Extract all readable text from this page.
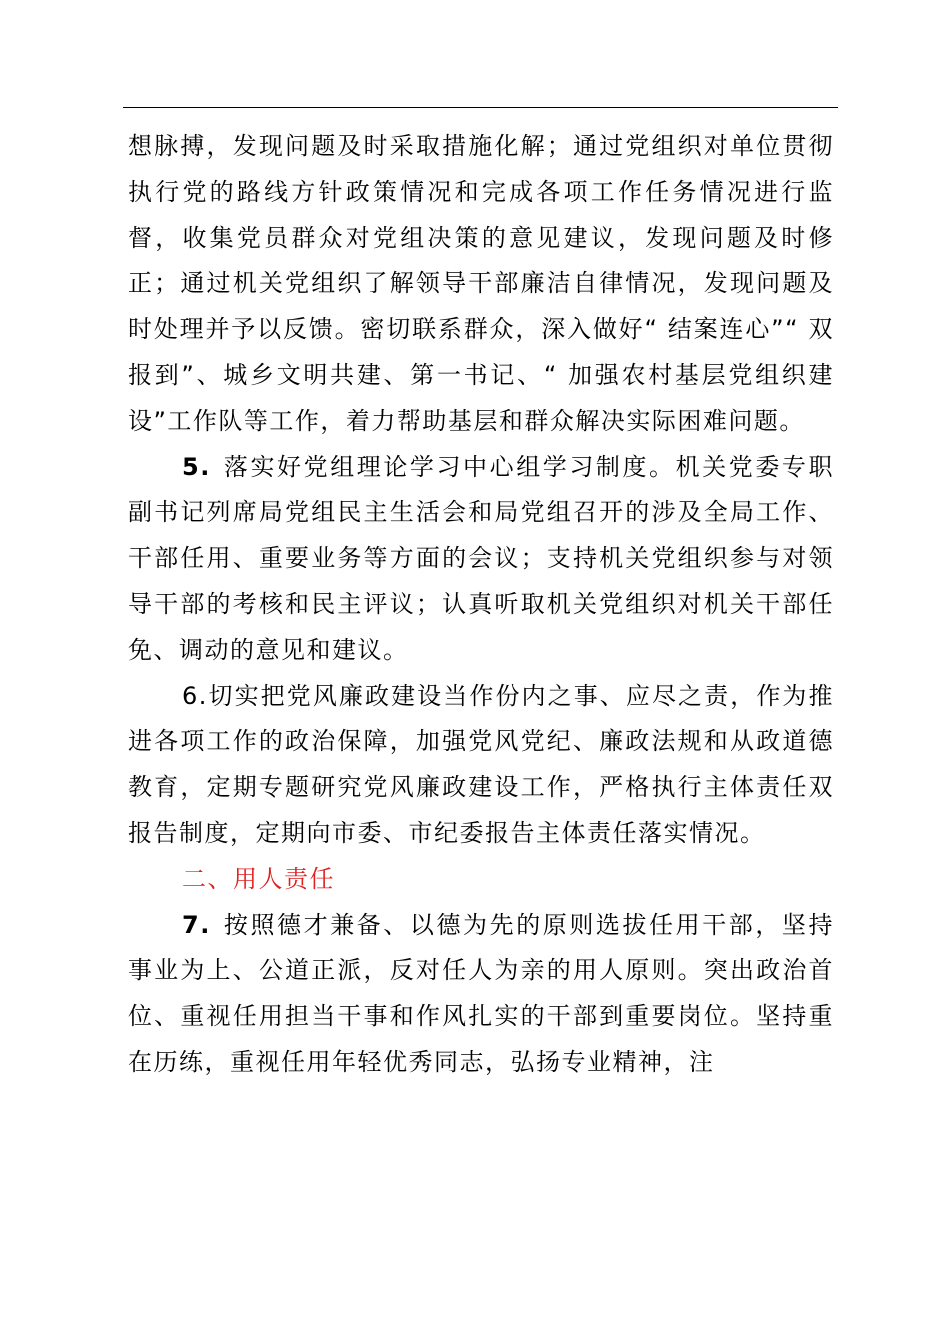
想脉搏，发现问题及时采取措施化解；通过党组织对单位贯彻执行党的路线方针政策情况和完成各项工作任务情况进行监督，收集党员群众对党组决策的意见建议，发现问题及时修正；通过机关党组织了解领导干部廉洁自律情况，发现问题及时处理并予以反馈。密切联系群众，深入做好“ 结案连心”“ 双报到”、城乡文明共建、第一书记、“ 加强农村基层党组织建设”工作队等工作，着力帮助基层和群众解决实际困难问题。

5. 落实好党组理论学习中心组学习制度。机关党委专职副书记列席局党组民主生活会和局党组召开的涉及全局工作、干部任用、重要业务等方面的会议；支持机关党组织参与对领导干部的考核和民主评议；认真听取机关党组织对机关干部任免、调动的意见和建议。

6.切实把党风廉政建设当作份内之事、应尽之责，作为推进各项工作的政治保障，加强党风党纪、廉政法规和从政道德教育，定期专题研究党风廉政建设工作，严格执行主体责任双报告制度，定期向市委、市纪委报告主体责任落实情况。

二、用人责任

7. 按照德才兼备、以德为先的原则选拔任用干部，坚持事业为上、公道正派，反对任人为亲的用人原则。突出政治首位、重视任用担当干事和作风扎实的干部到重要岗位。坚持重在历练，重视任用年轻优秀同志，弘扬专业精神，注
